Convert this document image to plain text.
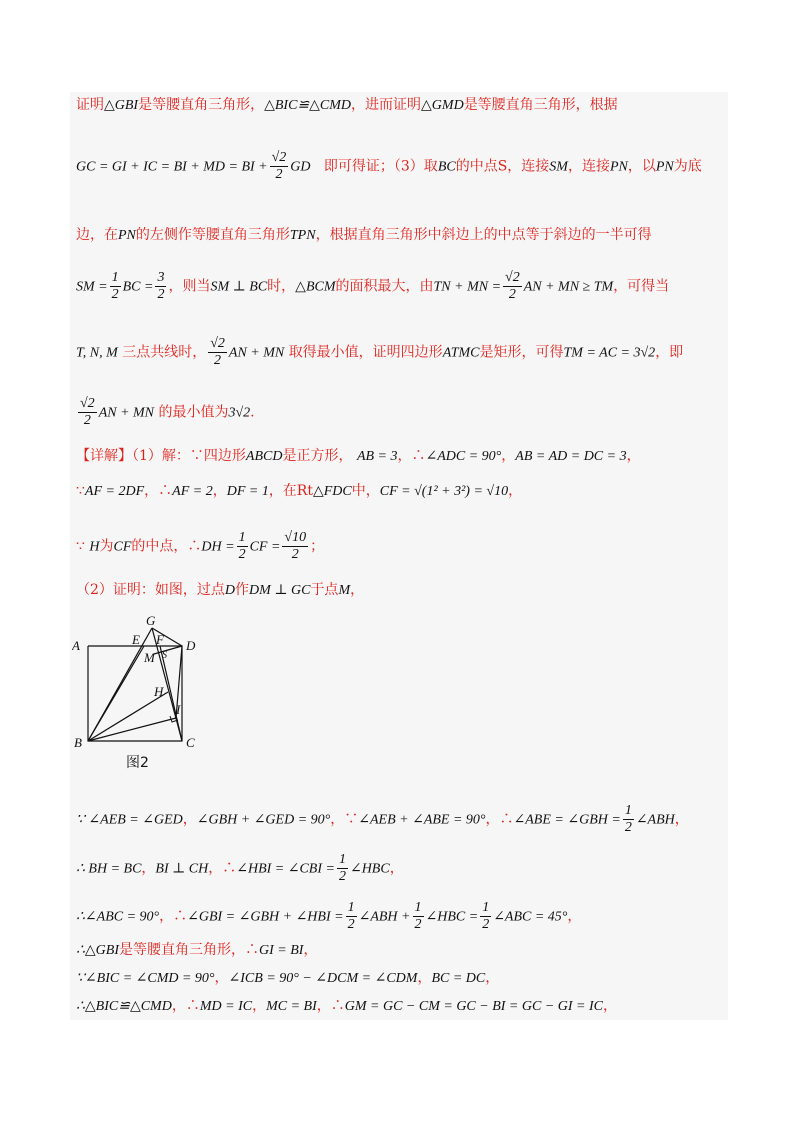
证明△GBI是等腰直角三角形，△BIC≌△CMD，进而证明△GMD是等腰直角三角形，根据
GC = GI + IC = BI + MD = BI + $\frac{√2}{2}$ GD 即可得证；（3）取BC的中点S，连接SM，连接PN，以PN为底
边，在PN的左侧作等腰直角三角形TPN，根据直角三角形中斜边上的中点等于斜边的一半可得
SM = $\frac{1}{2}$ BC = $\frac{3}{2}$ ，则当SM ⊥ BC时，△BCM的面积最大，由TN + MN = $\frac{√2}{2}$ AN + MN ≥ TM，可得当
T, N, M 三点共线时， $\frac{√2}{2}$ AN + MN 取得最小值，证明四边形ATMC是矩形，可得TM = AC = 3√2，即
$\frac{√2}{2}$ AN + MN 的最小值为3√2.
【详解】（1）解：∵四边形ABCD是正方形， AB = 3，∴∠ADC = 90°，AB = AD = DC = 3，
∵AF = 2DF，∴AF = 2，DF = 1，在Rt△FDC中，CF = √(1² + 3²) = √10，
∵ H为CF的中点，∴DH = $\frac{1}{2}$ CF = $\frac{√10}{2}$ ；
（2）证明：如图，过点D作DM ⊥ GC于点M，
A
B	C
D
E F
G
H
I
M S
图2
∵ ∠AEB = ∠GED，∠GBH + ∠GED = 90°，∵∠AEB + ∠ABE = 90°，∴∠ABE = ∠GBH = $\frac{1}{2}$ ∠ABH，
∴ BH = BC，BI ⊥ CH，∴∠HBI = ∠CBI = $\frac{1}{2}$ ∠HBC，
∴∠ABC = 90°，∴∠GBI = ∠GBH + ∠HBI = $\frac{1}{2}$ ∠ABH + $\frac{1}{2}$ ∠HBC = $\frac{1}{2}$ ∠ABC = 45°，
∴△GBI是等腰直角三角形，∴GI = BI，
∵∠BIC = ∠CMD = 90°，∠ICB = 90° − ∠DCM = ∠CDM，BC = DC，
∴△BIC≌△CMD，∴MD = IC，MC = BI，∴GM = GC − CM = GC − BI = GC − GI = IC，
